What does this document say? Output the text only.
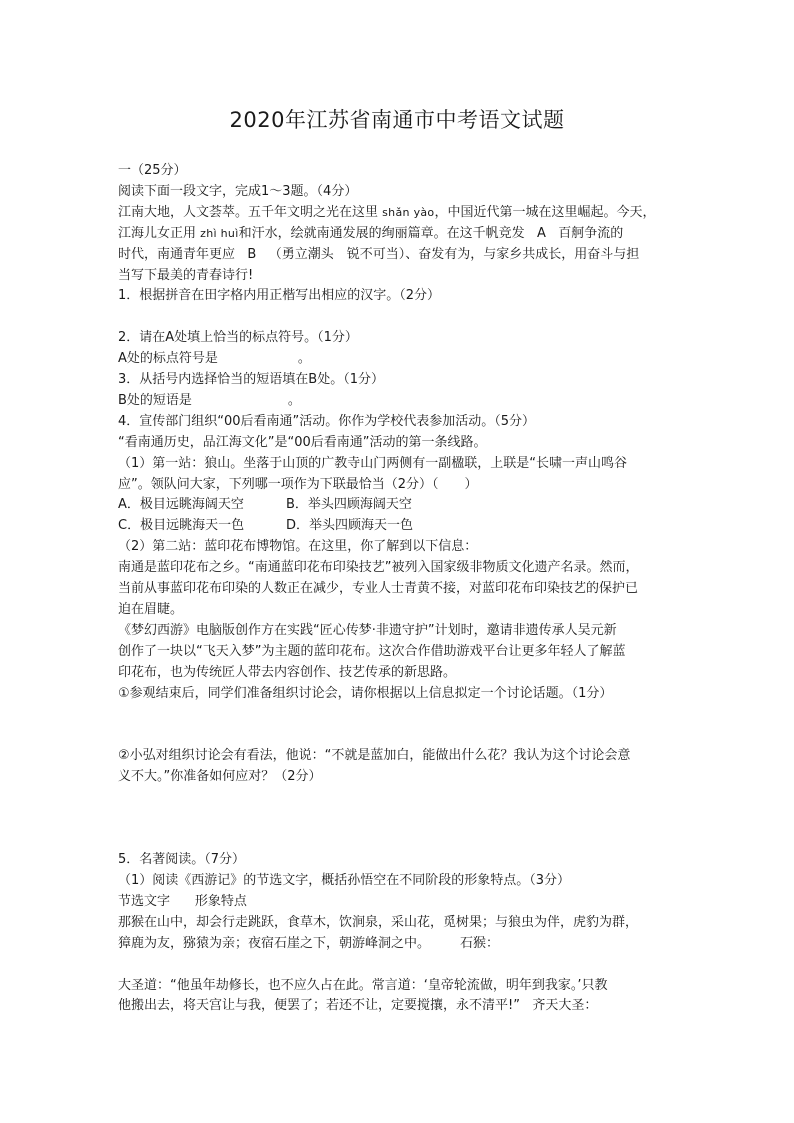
2020年江苏省南通市中考语文试题
一（25分）
阅读下面一段文字，完成1～3题。（4分）
江南大地，人文荟萃。五千年文明之光在这里 shǎn yào，中国近代第一城在这里崛起。今天，
江海儿女正用 zhì huì和汗水，绘就南通发展的绚丽篇章。在这千帆竞发 A 百舸争流的
时代，南通青年更应 B （勇立潮头　锐不可当）、奋发有为，与家乡共成长，用奋斗与担
当写下最美的青春诗行!
1．根据拼音在田字格内用正楷写出相应的汉字。（2分）
2．请在A处填上恰当的标点符号。（1分）
A处的标点符号是	。
3．从括号内选择恰当的短语填在B处。（1分）
B处的短语是	。
4．宣传部门组织“00后看南通”活动。你作为学校代表参加活动。（5分）
“看南通历史，品江海文化”是“00后看南通”活动的第一条线路。
（1）第一站：狼山。坐落于山顶的广教寺山门两侧有一副楹联，上联是“长啸一声山鸣谷
应”。领队问大家，下列哪一项作为下联最恰当（2分）（　　）
A．极目远眺海阔天空	B．举头四顾海阔天空
C．极目远眺海天一色	D．举头四顾海天一色
（2）第二站：蓝印花布博物馆。在这里，你了解到以下信息：
南通是蓝印花布之乡。“南通蓝印花布印染技艺”被列入国家级非物质文化遗产名录。然而，
当前从事蓝印花布印染的人数正在减少，专业人士青黄不接，对蓝印花布印染技艺的保护已
迫在眉睫。
《梦幻西游》电脑版创作方在实践“匠心传梦·非遗守护”计划时，邀请非遗传承人吴元新
创作了一块以“飞天入梦”为主题的蓝印花布。这次合作借助游戏平台让更多年轻人了解蓝
印花布，也为传统匠人带去内容创作、技艺传承的新思路。
①参观结束后，同学们准备组织讨论会，请你根据以上信息拟定一个讨论话题。（1分）
②小弘对组织讨论会有看法，他说：“不就是蓝加白，能做出什么花？我认为这个讨论会意
义不大。”你准备如何应对？（2分）
5．名著阅读。（7分）
（1）阅读《西游记》的节选文字，概括孙悟空在不同阶段的形象特点。（3分）
节选文字 形象特点
那猴在山中，却会行走跳跃，食草木，饮涧泉，采山花，觅树果；与狼虫为伴，虎豹为群，
獐鹿为友，猕猿为亲；夜宿石崖之下，朝游峰洞之中。 石猴：
大圣道：“他虽年劫修长，也不应久占在此。常言道：‘皇帝轮流做，明年到我家。’只教
他搬出去，将天宫让与我，便罢了；若还不让，定要搅攘，永不清平!” 齐天大圣：
